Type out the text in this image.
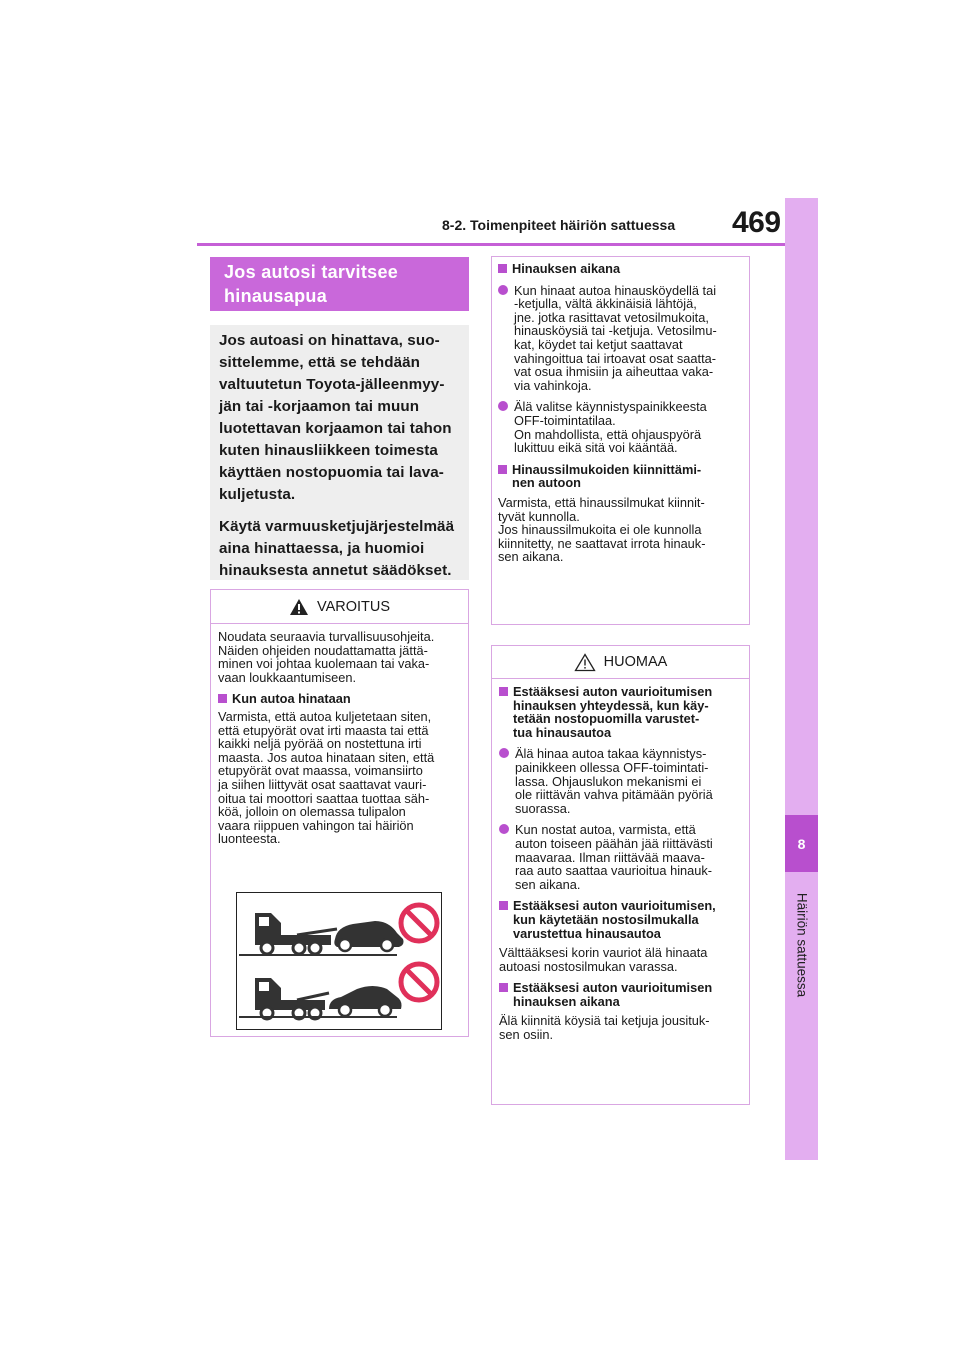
8-2. Toimenpiteet häiriön sattuessa 469
8
Häiriön sattuessa
Jos autosi tarvitsee
hinausapua

Jos autoasi on hinattava, suo-
sittelemme, että se tehdään
valtuutetun Toyota-jälleenmyy-
jän tai -korjaamon tai muun
luotettavan korjaamon tai tahon
kuten hinausliikkeen toimesta
käyttäen nostopuomia tai lava-
kuljetusta.

Käytä varmuusketjujärjestelmää
aina hinattaessa, ja huomioi
hinauksesta annetut säädökset.

VAROITUS

Noudata seuraavia turvallisuusohjeita.
Näiden ohjeiden noudattamatta jättä-
minen voi johtaa kuolemaan tai vaka-
vaan loukkaantumiseen.

Kun autoa hinataan

Varmista, että autoa kuljetetaan siten,
että etupyörät ovat irti maasta tai että
kaikki neljä pyörää on nostettuna irti
maasta. Jos autoa hinataan siten, että
etupyörät ovat maassa, voimansiirto
ja siihen liittyvät osat saattavat vauri-
oitua tai moottori saattaa tuottaa säh-
köä, jolloin on olemassa tulipalon
vaara riippuen vahingon tai häiriön
luonteesta.

Hinauksen aikana

Kun hinaat autoa hinausköydellä tai
-ketjulla, vältä äkkinäisiä lähtöjä,
jne. jotka rasittavat vetosilmukoita,
hinausköysiä tai -ketjuja. Vetosilmu-
kat, köydet tai ketjut saattavat
vahingoittua tai irtoavat osat saatta-
vat osua ihmisiin ja aiheuttaa vaka-
via vahinkoja.
Älä valitse käynnistyspainikkeesta
OFF-toimintatilaa.
On mahdollista, että ohjauspyörä
lukittuu eikä sitä voi kääntää.
Hinaussilmukoiden kiinnittämi-
nen autoon

Varmista, että hinaussilmukat kiinnit-
tyvät kunnolla.
Jos hinaussilmukoita ei ole kunnolla
kiinnitetty, ne saattavat irrota hinauk-
sen aikana.

HUOMAA
Estääksesi auton vaurioitumisen
hinauksen yhteydessä, kun käy-
tetään nostopuomilla varustet-
tua hinausautoa
Älä hinaa autoa takaa käynnistys-
painikkeen ollessa OFF-toimintati-
lassa. Ohjauslukon mekanismi ei
ole riittävän vahva pitämään pyöriä
suorassa.
Kun nostat autoa, varmista, että
auton toiseen päähän jää riittävästi
maavaraa. Ilman riittävää maava-
raa auto saattaa vaurioitua hinauk-
sen aikana.
Estääksesi auton vaurioitumisen,
kun käytetään nostosilmukalla
varustettua hinausautoa

Välttääksesi korin vauriot älä hinaata
autoasi nostosilmukan varassa.

Estääksesi auton vaurioitumisen
hinauksen aikana

Älä kiinnitä köysiä tai ketjuja jousituk-
sen osiin.
